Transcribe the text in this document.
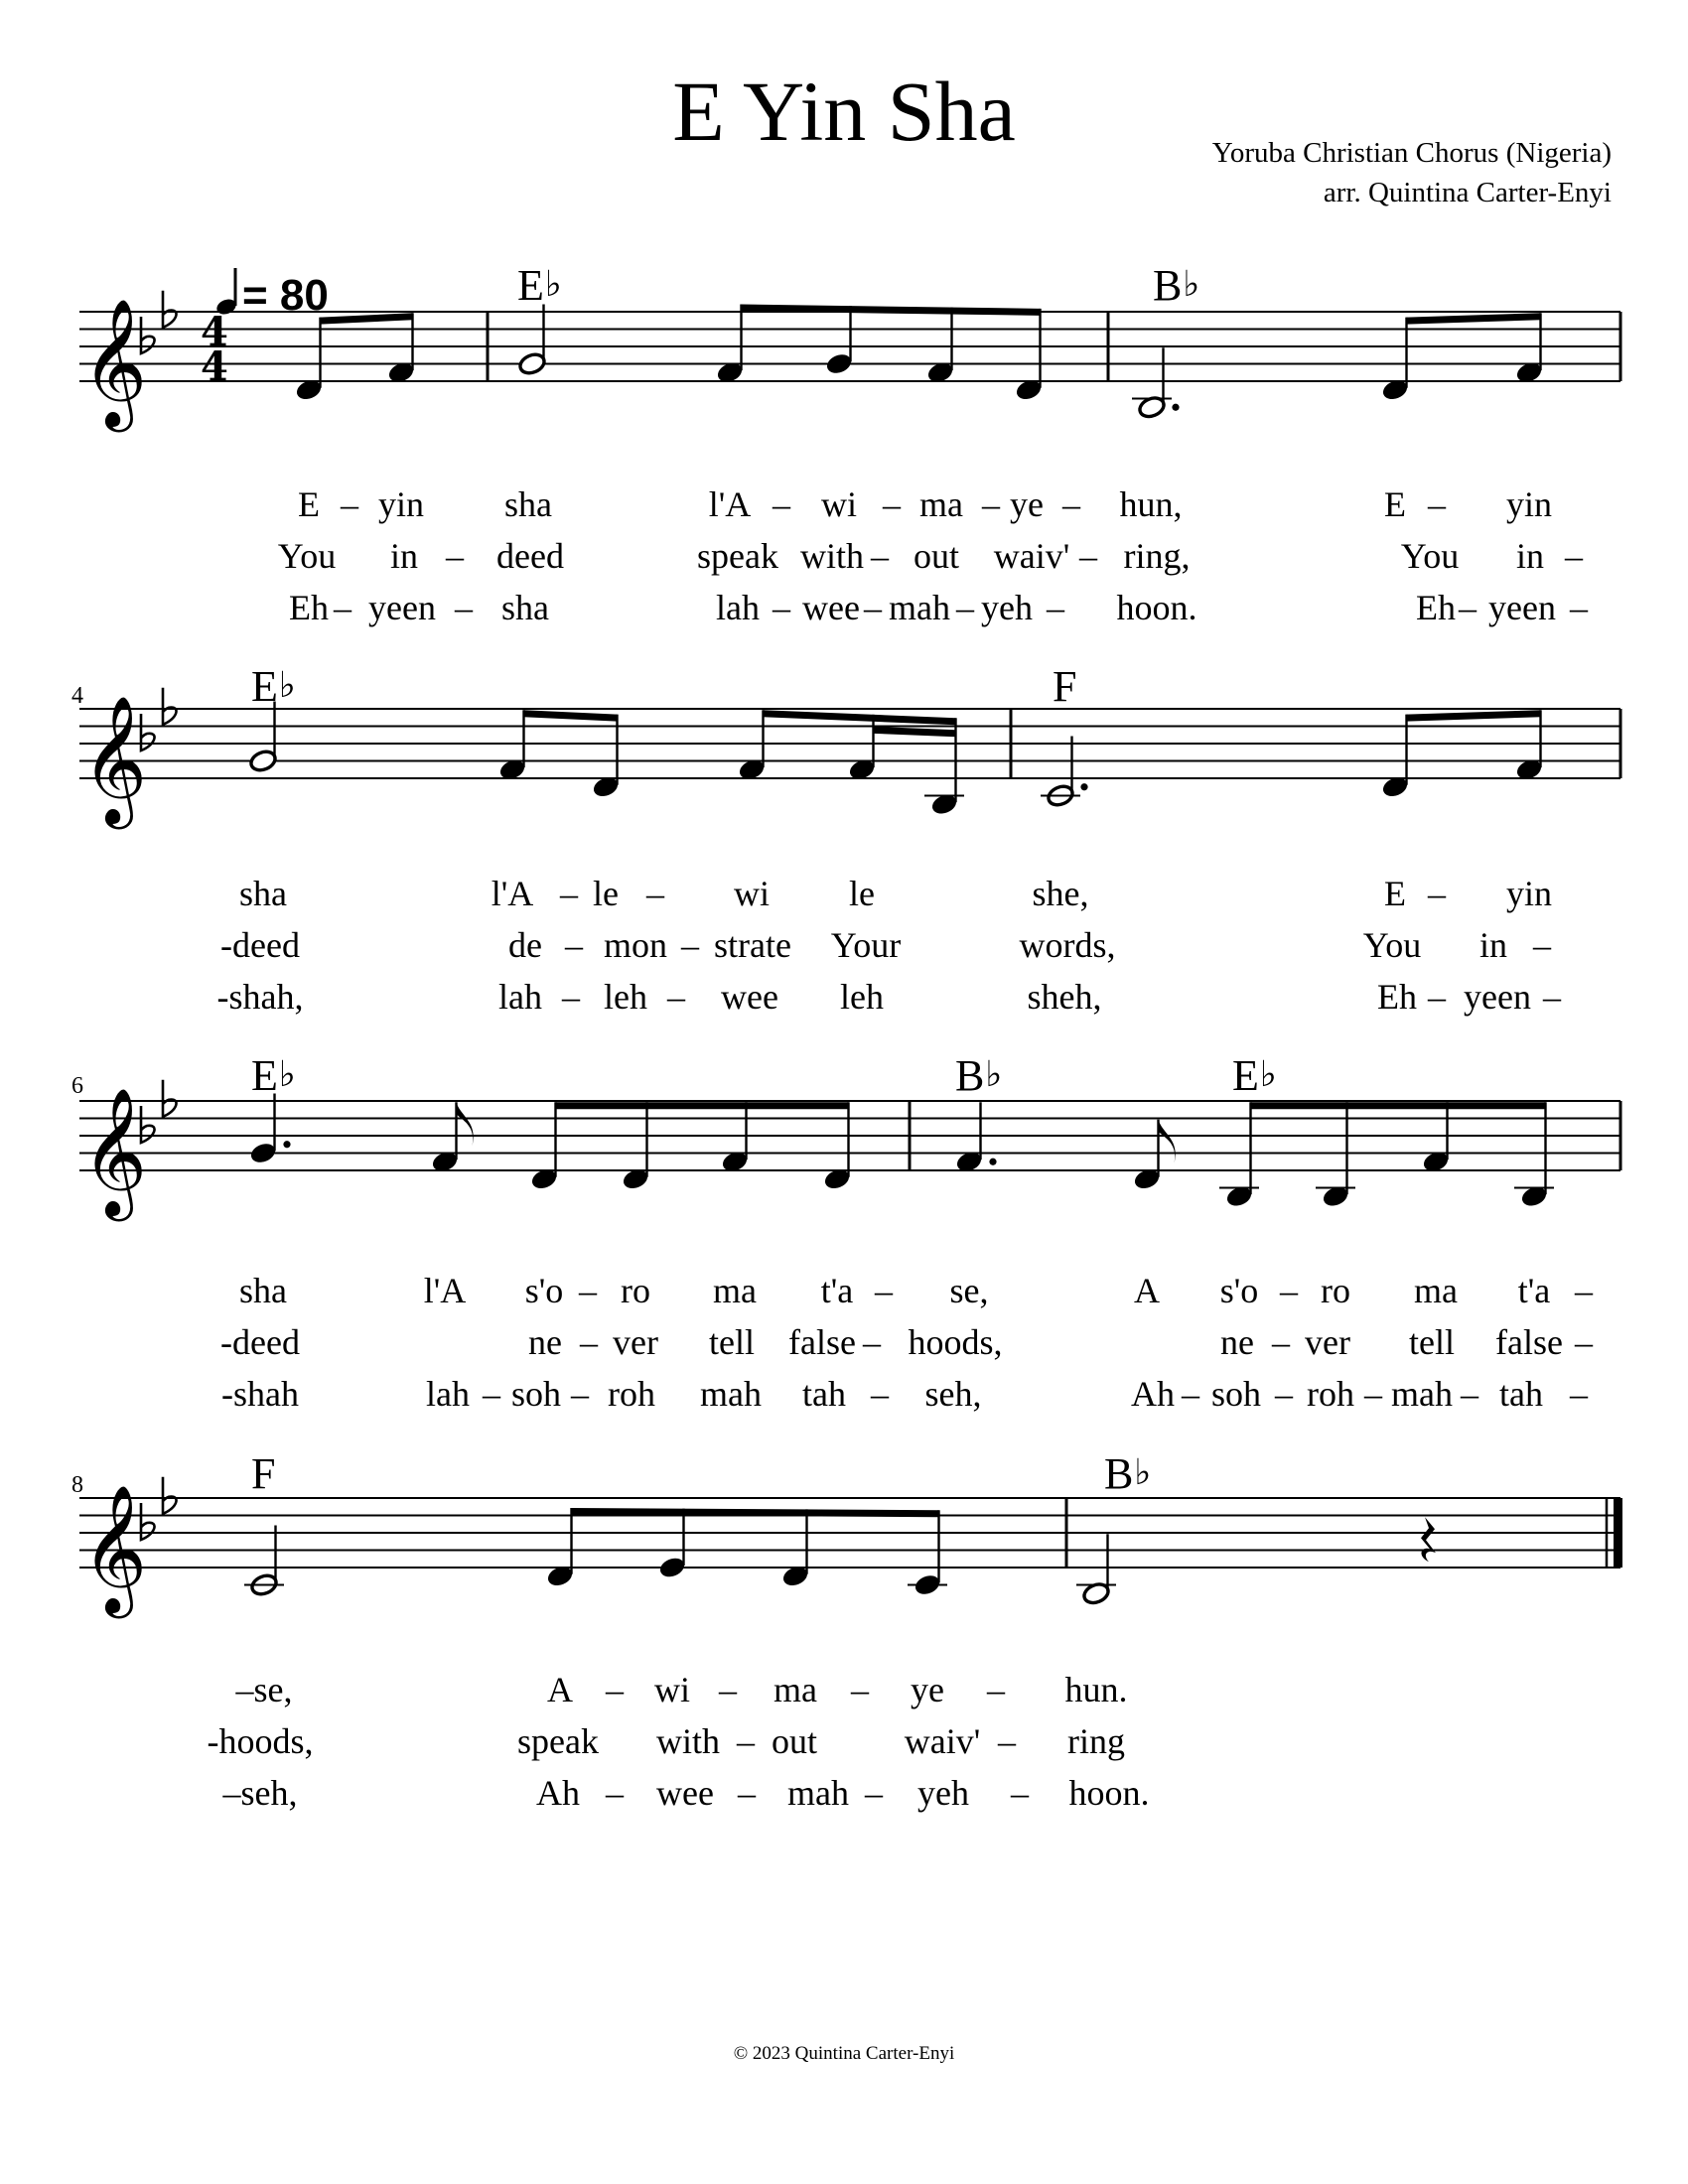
E Yin Sha	Yoruba Christian Chorus (Nigeria)
arr. Quintina Carter-Enyi
= 80
4
6
8
E♭	B♭
E♭	F
E♭	B♭	E♭
F	B♭
𝄞 4
4
𝄞
𝄞
𝄞
E – yin sha	l'A – wi – ma – ye – hun,	E – yin
You in – deed	speak with – out waiv' – ring,	You in –
Eh – yeen – sha	lah – wee – mah – yeh – hoon.	Eh – yeen –
sha	l'A – le – wi le	she,	E – yin
-deed	de – mon – strate Your	words,	You in –
-shah,	lah – leh – wee leh	sheh,	Eh – yeen –
sha	l'A s'o – ro ma t'a – se,	A s'o – ro ma t'a –
-deed	ne – ver tell false – hoods,	ne – ver tell false –
-shah	lah – soh – roh mah tah – seh,	Ah – soh – roh – mah – tah –
–se,	A – wi – ma – ye – hun.
-hoods,	speak with – out waiv' – ring
–seh,	Ah – wee – mah – yeh – hoon.
© 2023 Quintina Carter-Enyi
